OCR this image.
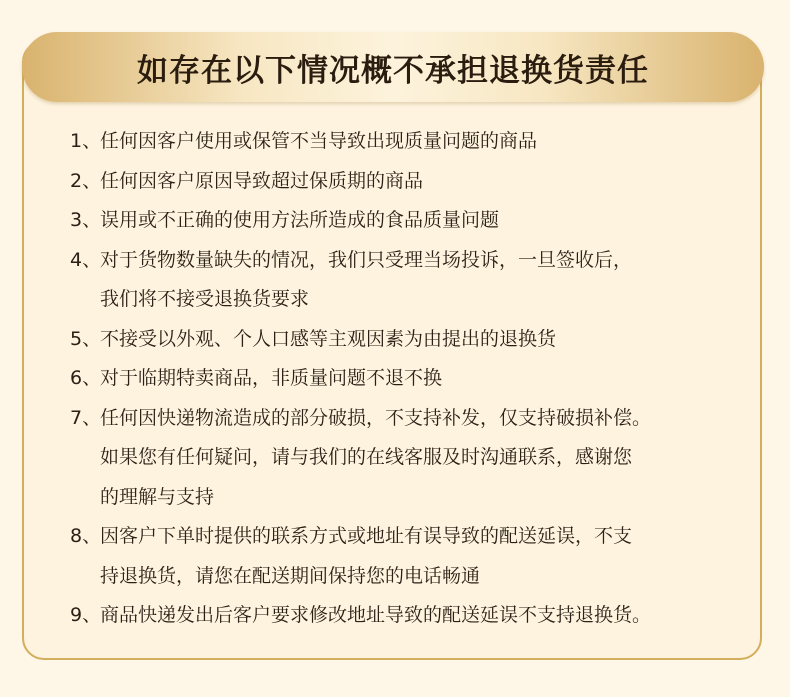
如存在以下情况概不承担退换货责任
1、
任何因客户使用或保管不当导致出现质量问题的商品
2、
任何因客户原因导致超过保质期的商品
3、
误用或不正确的使用方法所造成的食品质量问题
4、
对于货物数量缺失的情况，我们只受理当场投诉，一旦签收后，
我们将不接受退换货要求
5、
不接受以外观、个人口感等主观因素为由提出的退换货
6、
对于临期特卖商品，非质量问题不退不换
7、
任何因快递物流造成的部分破损，不支持补发，仅支持破损补偿。
如果您有任何疑问，请与我们的在线客服及时沟通联系，感谢您
的理解与支持
8、
因客户下单时提供的联系方式或地址有误导致的配送延误，不支
持退换货，请您在配送期间保持您的电话畅通
9、
商品快递发出后客户要求修改地址导致的配送延误不支持退换货。
